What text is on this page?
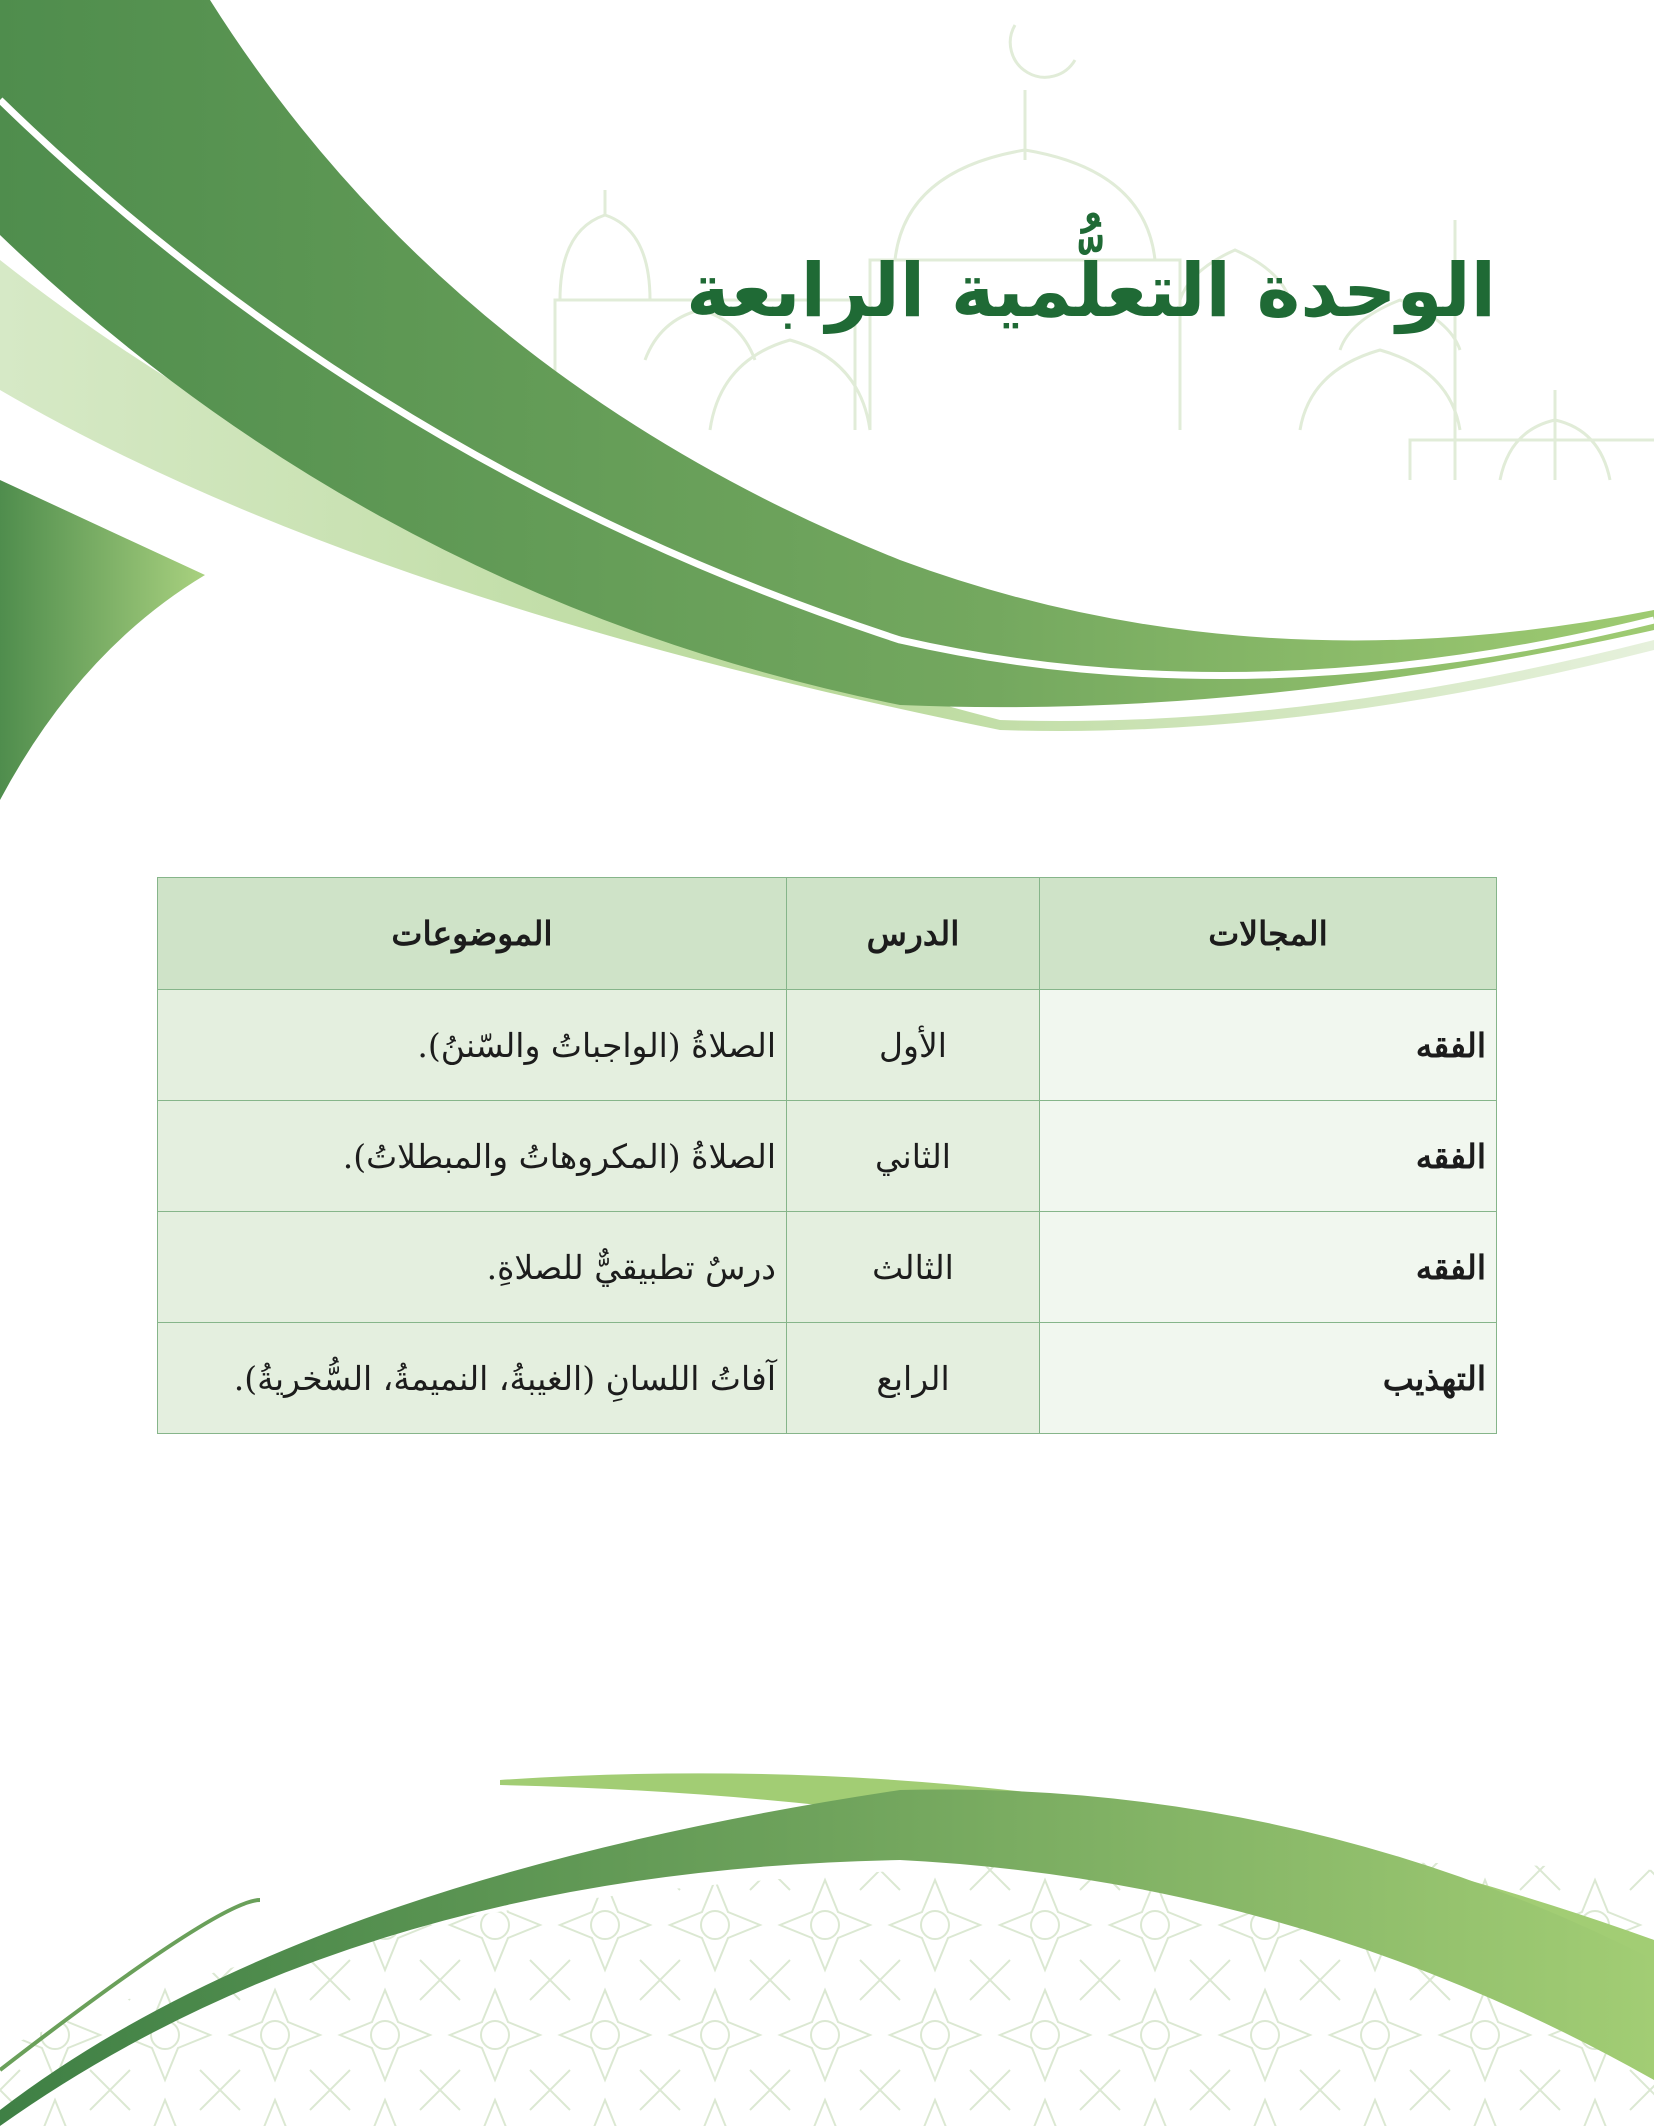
الوحدة التعلُّمية الرابعة
المجالات	الدرس	الموضوعات
الفقه	الأول	الصلاةُ (الواجباتُ والسّننُ).
الفقه	الثاني	الصلاةُ (المكروهاتُ والمبطلاتُ).
الفقه	الثالث	درسٌ تطبيقيٌّ للصلاةِ.
التهذيب	الرابع	آفاتُ اللسانِ (الغيبةُ، النميمةُ، السُّخريةُ).
